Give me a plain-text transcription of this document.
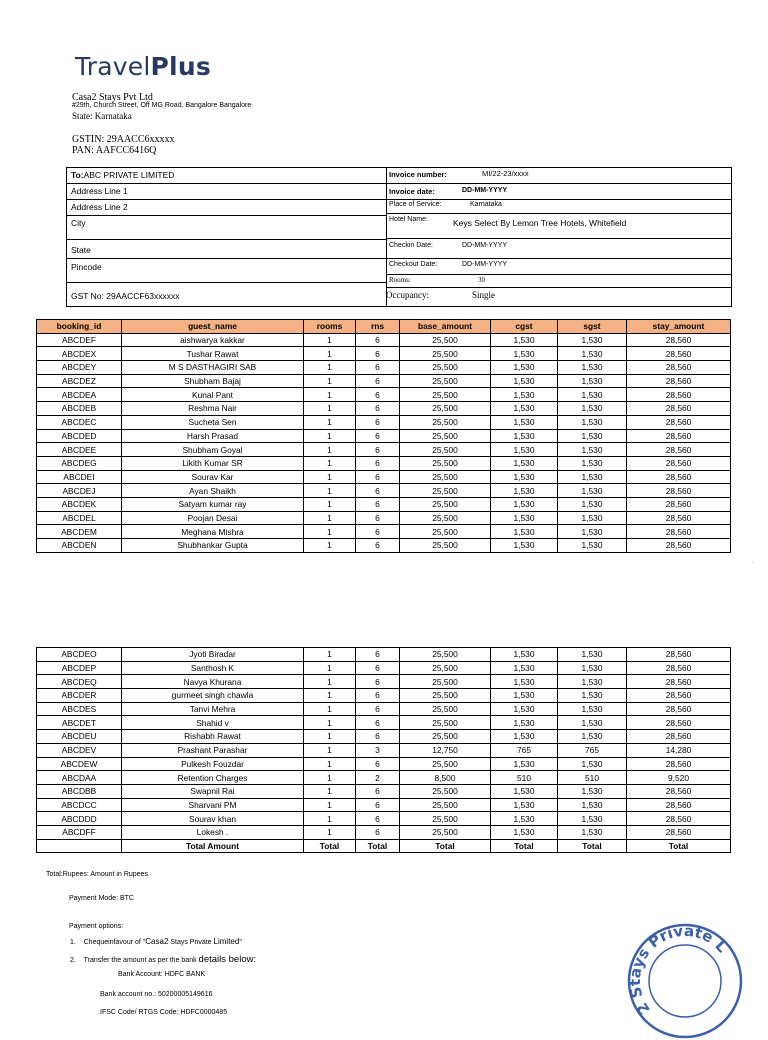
TravelPlus
Casa2 Stays Pvt Ltd
#29th, Church Street, Off MG Road, Bangalore Bangalore
State: Karnataka
GSTIN: 29AACC6xxxxx
PAN: AAFCC6416Q
To:ABC PRIVATE LIMITED
Address Line 1
Address Line 2
City
State
Pincode
GST No: 29AACCF63xxxxxx
Invoice number:	MI/22-23/xxxx
Invoice date:	DD-MM-YYYY
Place of Service:	Karnataka
Hotel Name:	Keys Select By Lemon Tree Hotels, Whitefield
Checkin Date:	DD-MM-YYYY
Checkout Date:	DD-MM-YYYY
Rooms:	30
Occupancy:	Single
booking_id	guest_name	rooms	rns	base_amount	cgst	sgst	stay_amount
ABCDEF	aishwarya kakkar	1	6	25,500	1,530	1,530	28,560
ABCDEX	Tushar Rawat	1	6	25,500	1,530	1,530	28,560
ABCDEY	M S DASTHAGIRI SAB	1	6	25,500	1,530	1,530	28,560
ABCDEZ	Shubham Bajaj	1	6	25,500	1,530	1,530	28,560
ABCDEA	Kunal Pant	1	6	25,500	1,530	1,530	28,560
ABCDEB	Reshma Nair	1	6	25,500	1,530	1,530	28,560
ABCDEC	Sucheta Sen	1	6	25,500	1,530	1,530	28,560
ABCDED	Harsh Prasad	1	6	25,500	1,530	1,530	28,560
ABCDEE	Shubham Goyal	1	6	25,500	1,530	1,530	28,560
ABCDEG	Likith Kumar SR	1	6	25,500	1,530	1,530	28,560
ABCDEI	Sourav Kar	1	6	25,500	1,530	1,530	28,560
ABCDEJ	Ayan Shaikh	1	6	25,500	1,530	1,530	28,560
ABCDEK	Satyam kumar ray	1	6	25,500	1,530	1,530	28,560
ABCDEL	Poojan Desai	1	6	25,500	1,530	1,530	28,560
ABCDEM	Meghana Mishra	1	6	25,500	1,530	1,530	28,560
ABCDEN	Shubhankar Gupta	1	6	25,500	1,530	1,530	28,560
·
ABCDEO	Jyoti Biradar	1	6	25,500	1,530	1,530	28,560
ABCDEP	Santhosh K	1	6	25,500	1,530	1,530	28,560
ABCDEQ	Navya Khurana	1	6	25,500	1,530	1,530	28,560
ABCDER	gurmeet singh chawla	1	6	25,500	1,530	1,530	28,560
ABCDES	Tanvi Mehra	1	6	25,500	1,530	1,530	28,560
ABCDET	Shahid v	1	6	25,500	1,530	1,530	28,560
ABCDEU	Rishabh Rawat	1	6	25,500	1,530	1,530	28,560
ABCDEV	Prashant Parashar	1	3	12,750	765	765	14,280
ABCDEW	Pulkesh Fouzdar	1	6	25,500	1,530	1,530	28,560
ABCDAA	Retention Charges	1	2	8,500	510	510	9,520
ABCDBB	Swapnil Rai	1	6	25,500	1,530	1,530	28,560
ABCDCC	Sharvani PM	1	6	25,500	1,530	1,530	28,560
ABCDDD	Sourav khan	1	6	25,500	1,530	1,530	28,560
ABCDFF	Lokesh .	1	6	25,500	1,530	1,530	28,560
	Total Amount	Total	Total	Total	Total	Total	Total
Total:Rupees: Amount in Rupees
Payment Mode: BTC
Payment options:
1. Chequeinfavour of "Casa2 Stays Private Limited"
2. Transfer the amount as per the bank details below:
Bank Account: HDFC BANK
Bank account no.: 50200005149616
IFSC Code/ RTGS Code: HDFC0000485	2 Stays Private L
